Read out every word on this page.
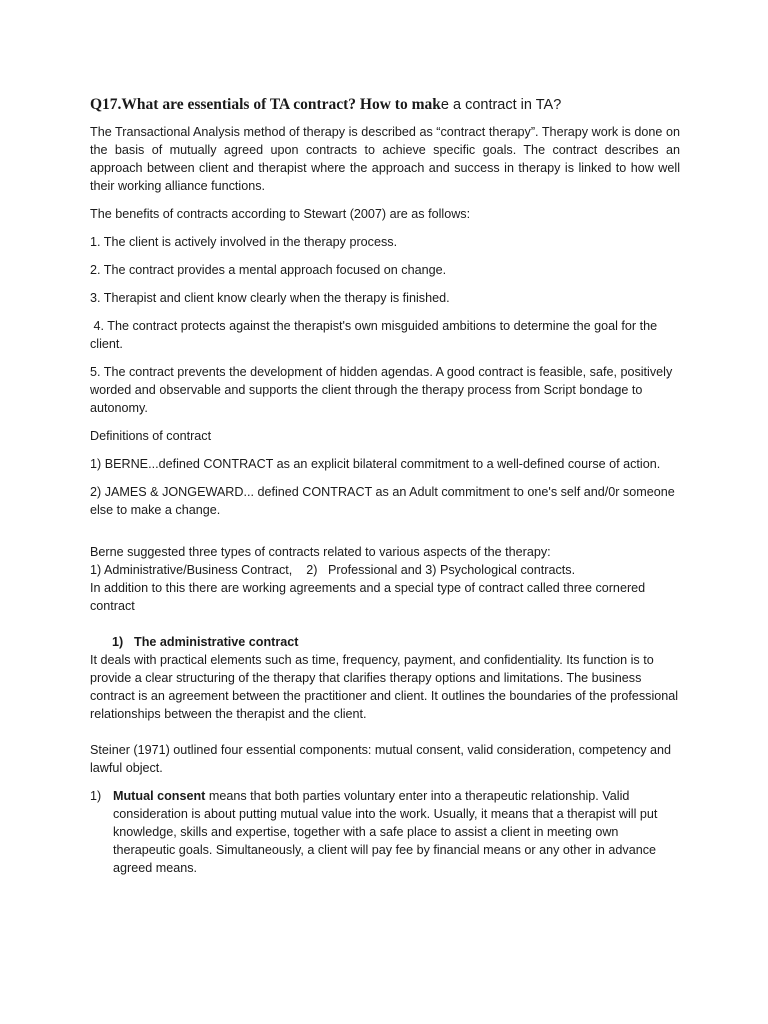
Q17.What are essentials of TA contract? How to make a contract in TA?

The Transactional Analysis method of therapy is described as “contract therapy”. Therapy work is done on the basis of mutually agreed upon contracts to achieve specific goals. The contract describes an approach between client and therapist where the approach and success in therapy is linked to how well their working alliance functions.

The benefits of contracts according to Stewart (2007) are as follows:

1. The client is actively involved in the therapy process.

2. The contract provides a mental approach focused on change.

3. Therapist and client know clearly when the therapy is finished.

4. The contract protects against the therapist's own misguided ambitions to determine the goal for the client.

5. The contract prevents the development of hidden agendas. A good contract is feasible, safe, positively worded and observable and supports the client through the therapy process from Script bondage to autonomy.

Definitions of contract

1) BERNE...defined CONTRACT as an explicit bilateral commitment to a well-defined course of action.

2) JAMES & JONGEWARD... defined CONTRACT as an Adult commitment to one's self and/0r someone else to make a change.

Berne suggested three types of contracts related to various aspects of the therapy:

1) Administrative/Business Contract,    2)   Professional and 3) Psychological contracts.

In addition to this there are working agreements and a special type of contract called three cornered contract

1) The administrative contract

It deals with practical elements such as time, frequency, payment, and confidentiality. Its function is to provide a clear structuring of the therapy that clarifies therapy options and limitations. The business contract is an agreement between the practitioner and client. It outlines the boundaries of the professional relationships between the therapist and the client.

Steiner (1971) outlined four essential components: mutual consent, valid consideration, competency and lawful object.

1) Mutual consent means that both parties voluntary enter into a therapeutic relationship. Valid consideration is about putting mutual value into the work. Usually, it means that a therapist will put knowledge, skills and expertise, together with a safe place to assist a client in meeting own therapeutic goals. Simultaneously, a client will pay fee by financial means or any other in advance agreed means.
